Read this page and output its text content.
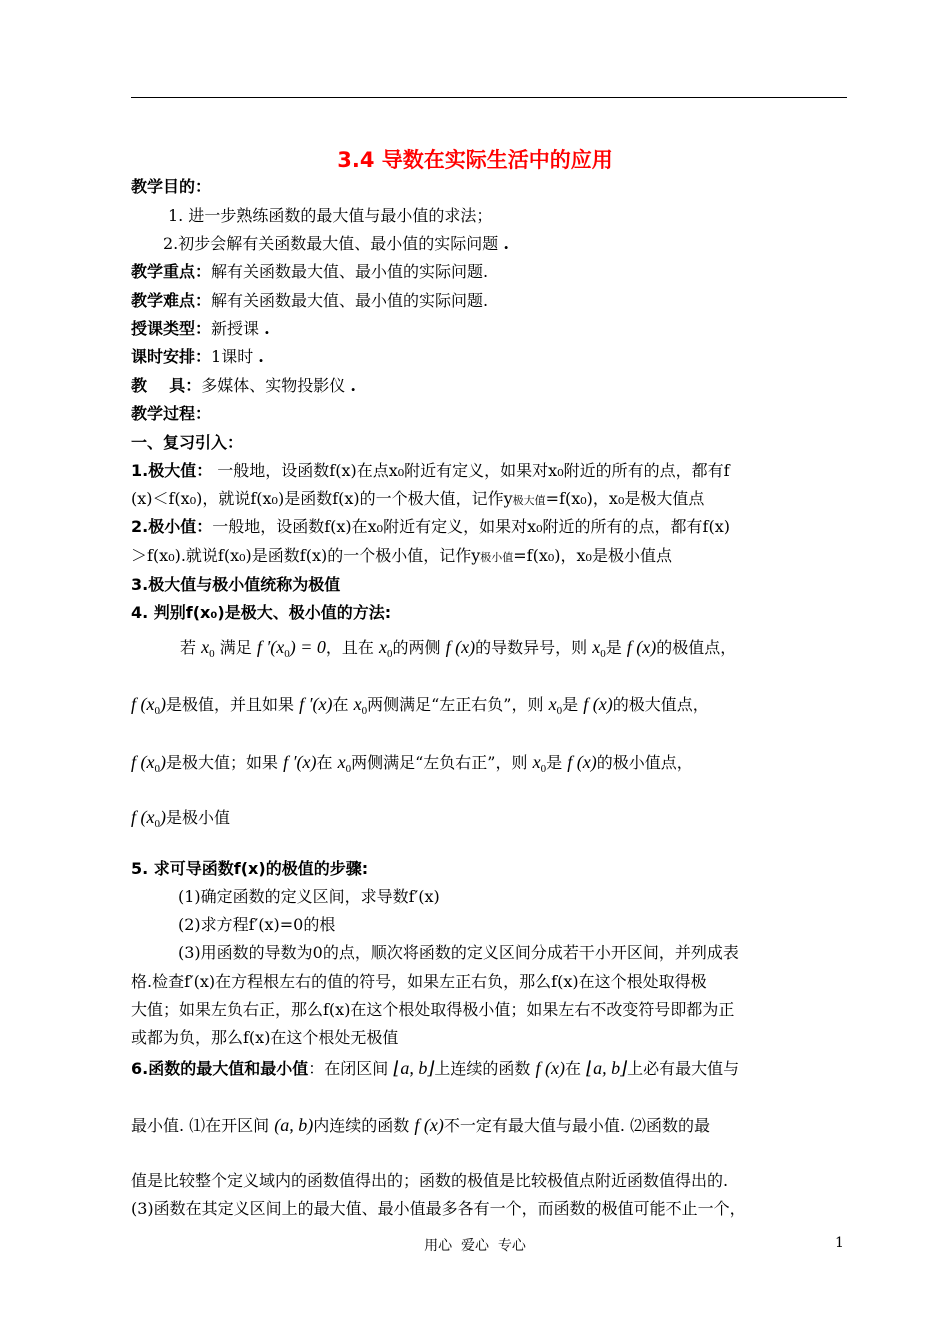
3.4 导数在实际生活中的应用
教学目的：
1. 进一步熟练函数的最大值与最小值的求法；
2.初步会解有关函数最大值、最小值的实际问题 .
教学重点：解有关函数最大值、最小值的实际问题.
教学难点：解有关函数最大值、最小值的实际问题.
授课类型：新授课 .
课时安排：1课时 .
教    具：多媒体、实物投影仪 .
教学过程：
一、复习引入：
1.极大值： 一般地，设函数f(x)在点x₀附近有定义，如果对x₀附近的所有的点，都有f
(x)＜f(x₀)，就说f(x₀)是函数f(x)的一个极大值，记作y极大值=f(x₀)，x₀是极大值点
2.极小值：一般地，设函数f(x)在x₀附近有定义，如果对x₀附近的所有的点，都有f(x)
＞f(x₀).就说f(x₀)是函数f(x)的一个极小值，记作y极小值=f(x₀)，x₀是极小值点
3.极大值与极小值统称为极值
4. 判别f(x₀)是极大、极小值的方法:
若 $x_0$ 满足 f $'(x_0) = 0$，且在 $x_0$的两侧 f (x)的导数异号，则 $x_0$是 f (x)的极值点，
f $(x_0)$是极值，并且如果 f ′(x)在 $x_0$两侧满足“左正右负”，则 $x_0$是 f (x)的极大值点，
f $(x_0)$是极大值；如果 f ′(x)在 $x_0$两侧满足“左负右正”，则 $x_0$是 f (x)的极小值点，
f $(x_0)$是极小值
5. 求可导函数f(x)的极值的步骤:
(1)确定函数的定义区间，求导数f′(x)
(2)求方程f′(x)=0的根
(3)用函数的导数为0的点，顺次将函数的定义区间分成若干小开区间，并列成表
格.检查f′(x)在方程根左右的值的符号，如果左正右负，那么f(x)在这个根处取得极
大值；如果左负右正，那么f(x)在这个根处取得极小值；如果左右不改变符号即都为正
或都为负，那么f(x)在这个根处无极值
6.函数的最大值和最小值：在闭区间 ⌊a, b⌋上连续的函数 f (x)在 ⌊a, b⌋上必有最大值与
最小值. ⑴在开区间 (a, b)内连续的函数 f (x)不一定有最大值与最小值. ⑵函数的最
值是比较整个定义域内的函数值得出的；函数的极值是比较极值点附近函数值得出的.
(3)函数在其定义区间上的最大值、最小值最多各有一个，而函数的极值可能不止一个，
用心  爱心  专心	1
